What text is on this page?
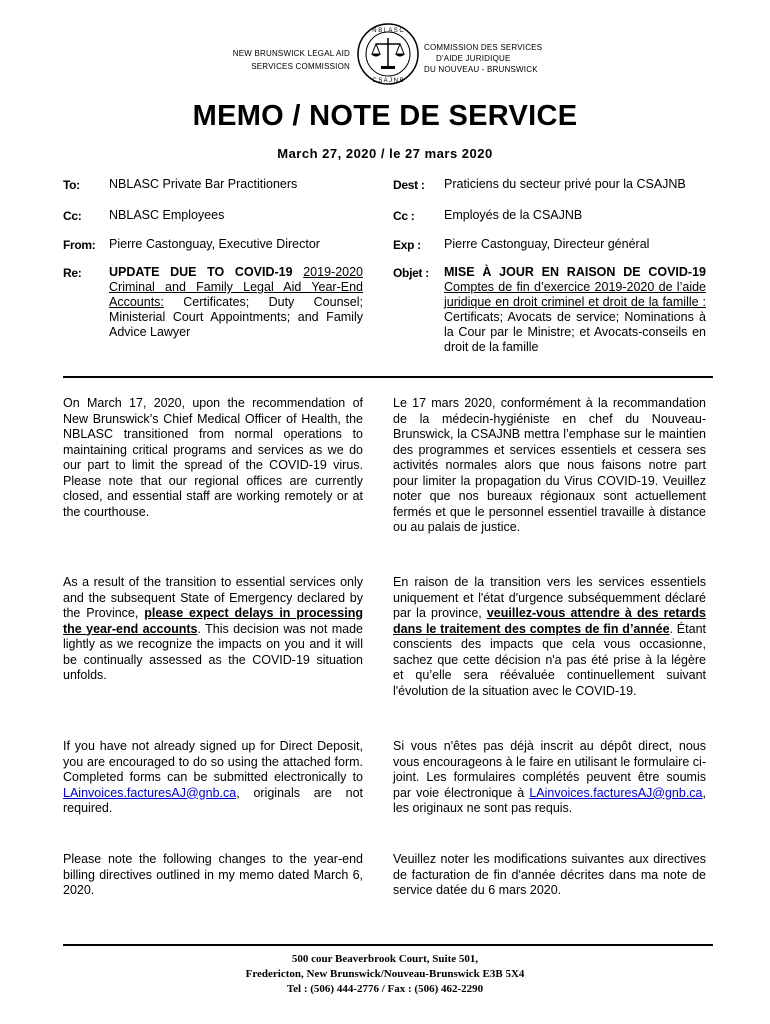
NEW BRUNSWICK LEGAL AID
SERVICES COMMISSION
N B L A S C
C S A J N B
COMMISSION DES SERVICES
D'AIDE JURIDIQUE
DU NOUVEAU - BRUNSWICK
MEMO / NOTE DE SERVICE
March 27, 2020 / le 27 mars 2020
To: NBLASC Private Bar Practitioners
Cc: NBLASC Employees
From: Pierre Castonguay, Executive Director
Re: UPDATE DUE TO COVID-19 2019-2020 Criminal and Family Legal Aid Year-End Accounts: Certificates; Duty Counsel; Ministerial Court Appointments; and Family Advice Lawyer
Dest : Praticiens du secteur privé pour la CSAJNB
Cc : Employés de la CSAJNB
Exp : Pierre Castonguay, Directeur général
Objet : MISE À JOUR EN RAISON DE COVID-19 Comptes de fin d’exercice 2019-2020 de l’aide juridique en droit criminel et droit de la famille : Certificats; Avocats de service; Nominations à la Cour par le Ministre; et Avocats-conseils en droit de la famille
On March 17, 2020, upon the recommendation of New Brunswick’s Chief Medical Officer of Health, the NBLASC transitioned from normal operations to maintaining critical programs and services as we do our part to limit the spread of the COVID-19 virus. Please note that our regional offices are currently closed, and essential staff are working remotely or at the courthouse.
Le 17 mars 2020, conformément à la recommandation de la médecin-hygiéniste en chef du Nouveau-Brunswick, la CSAJNB mettra l’emphase sur le maintien des programmes et services essentiels et cessera ses activités normales alors que nous faisons notre part pour limiter la propagation du Virus COVID-19. Veuillez noter que nos bureaux régionaux sont actuellement fermés et que le personnel essentiel travaille à distance ou au palais de justice.
As a result of the transition to essential services only and the subsequent State of Emergency declared by the Province, please expect delays in processing the year-end accounts. This decision was not made lightly as we recognize the impacts on you and it will be continually assessed as the COVID-19 situation unfolds.
En raison de la transition vers les services essentiels uniquement et l'état d'urgence subséquemment déclaré par la province, veuillez-vous attendre à des retards dans le traitement des comptes de fin d’année. Étant conscients des impacts que cela vous occasionne, sachez que cette décision n'a pas été prise à la légère et qu’elle sera réévaluée continuellement suivant l'évolution de la situation avec le COVID-19.
If you have not already signed up for Direct Deposit, you are encouraged to do so using the attached form. Completed forms can be submitted electronically to LAinvoices.facturesAJ@gnb.ca, originals are not required.
Si vous n'êtes pas déjà inscrit au dépôt direct, nous vous encourageons à le faire en utilisant le formulaire ci-joint. Les formulaires complétés peuvent être soumis par voie électronique à LAinvoices.facturesAJ@gnb.ca, les originaux ne sont pas requis.
Please note the following changes to the year-end billing directives outlined in my memo dated March 6, 2020.
Veuillez noter les modifications suivantes aux directives de facturation de fin d'année décrites dans ma note de service datée du 6 mars 2020.
500 cour Beaverbrook Court, Suite 501,
Fredericton, New Brunswick/Nouveau-Brunswick E3B 5X4
Tel : (506) 444-2776 / Fax : (506) 462-2290
